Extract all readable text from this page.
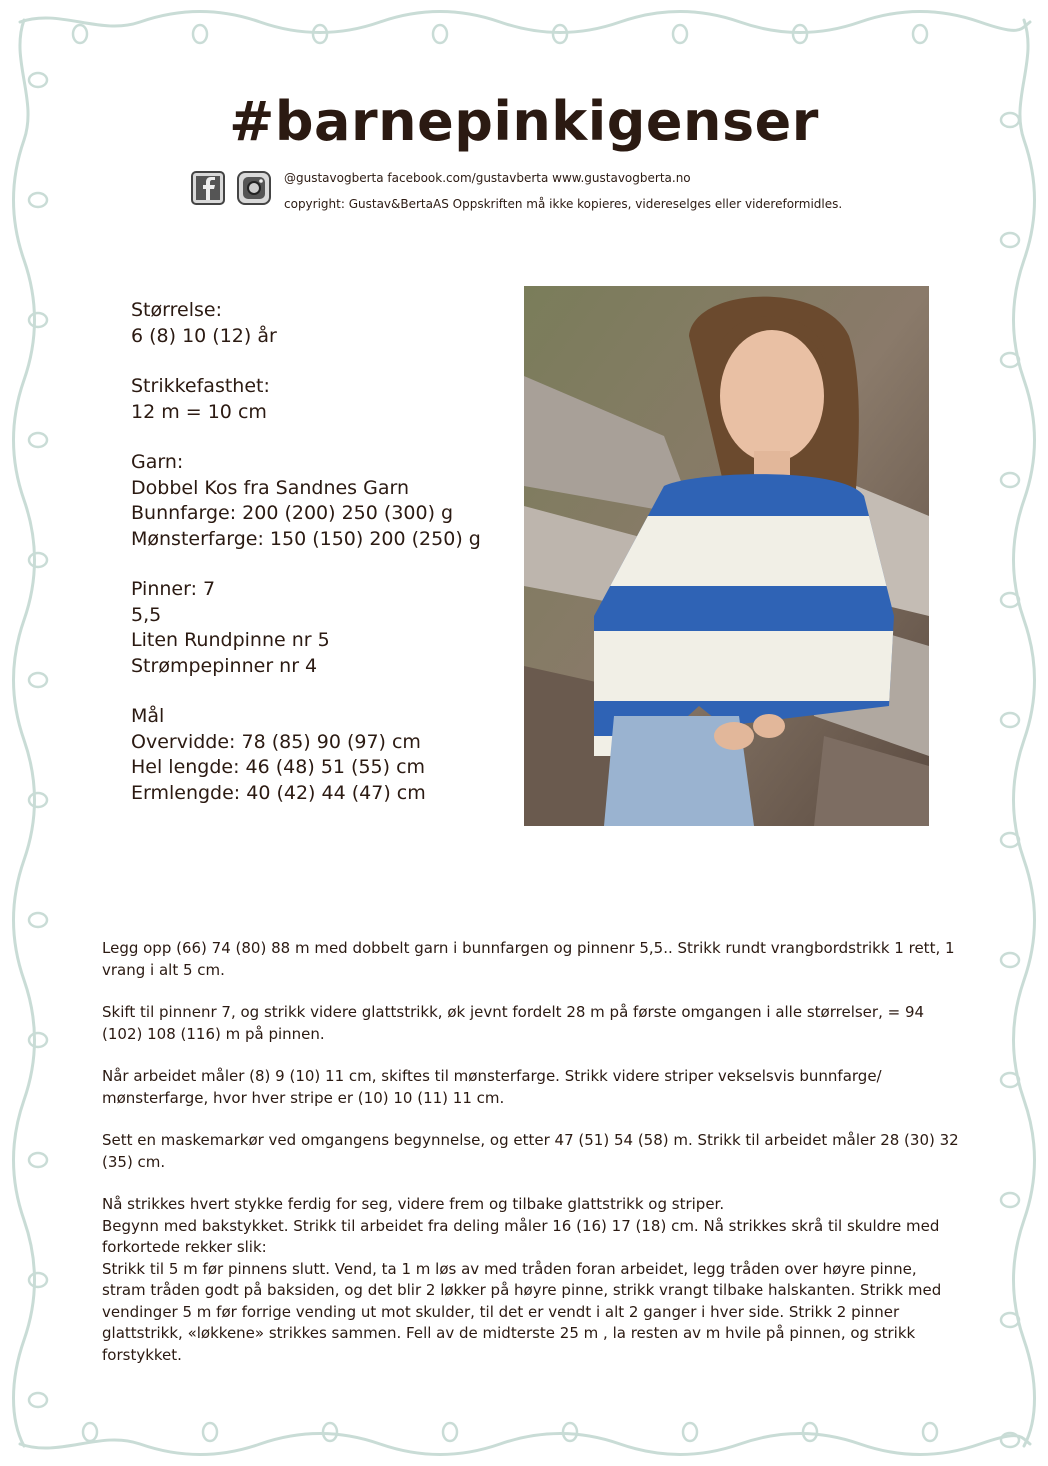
#barnepinkigenser
@gustavogberta facebook.com/gustavberta www.gustavogberta.no
copyright: Gustav&BertaAS Oppskriften må ikke kopieres, videreselges eller videreformidles.
Størrelse:
6 (8) 10 (12) år
Strikkefasthet:
12 m = 10 cm
Garn:
Dobbel Kos fra Sandnes Garn
Bunnfarge: 200 (200) 250 (300) g
Mønsterfarge: 150 (150) 200 (250) g
Pinner: 7
5,5
Liten Rundpinne nr 5
Strømpepinner nr 4
Mål
Overvidde: 78 (85) 90 (97) cm
Hel lengde: 46 (48) 51 (55) cm
Ermlengde: 40 (42) 44 (47) cm

Legg opp (66) 74 (80) 88 m med dobbelt garn i bunnfargen og pinnenr 5,5.. Strikk rundt vrangbordstrikk 1 rett, 1 vrang i alt 5 cm.

Skift til pinnenr 7, og strikk videre glattstrikk, øk jevnt fordelt 28 m på første omgangen i alle størrelser, = 94 (102) 108 (116) m på pinnen.

Når arbeidet måler (8) 9 (10) 11 cm, skiftes til mønsterfarge. Strikk videre striper vekselsvis bunnfarge/ mønsterfarge, hvor hver stripe er (10) 10 (11) 11 cm.

Sett en maskemarkør ved omgangens begynnelse, og etter 47 (51) 54 (58) m. Strikk til arbeidet måler 28 (30) 32 (35) cm.

Nå strikkes hvert stykke ferdig for seg, videre frem og tilbake glattstrikk og striper.

Begynn med bakstykket. Strikk til arbeidet fra deling måler 16 (16) 17 (18) cm. Nå strikkes skrå til skuldre med forkortede rekker slik:

Strikk til 5 m før pinnens slutt. Vend, ta 1 m løs av med tråden foran arbeidet, legg tråden over høyre pinne, stram tråden godt på baksiden, og det blir 2 løkker på høyre pinne, strikk vrangt tilbake halskanten. Strikk med vendinger 5 m før forrige vending ut mot skulder, til det er vendt i alt 2 ganger i hver side. Strikk 2 pinner glattstrikk, «løkkene» strikkes sammen. Fell av de midterste 25 m , la resten av m hvile på pinnen, og strikk forstykket.
